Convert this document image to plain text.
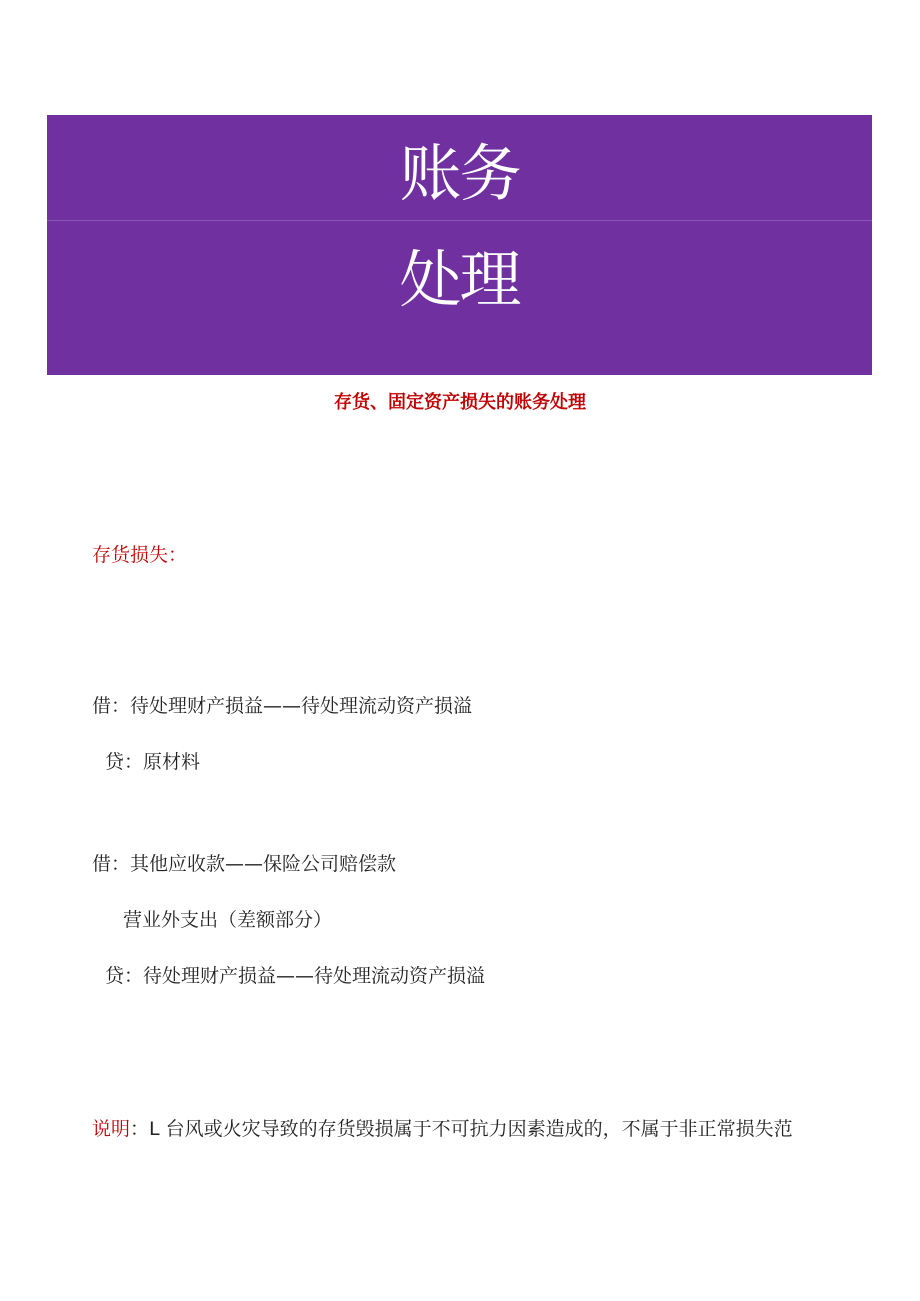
账务
处理
存货、固定资产损失的账务处理
存货损失：
借：待处理财产损益——待处理流动资产损溢
贷：原材料
借：其他应收款——保险公司赔偿款
营业外支出（差额部分）
贷：待处理财产损益——待处理流动资产损溢
说明：L 台风或火灾导致的存货毁损属于不可抗力因素造成的，不属于非正常损失范
